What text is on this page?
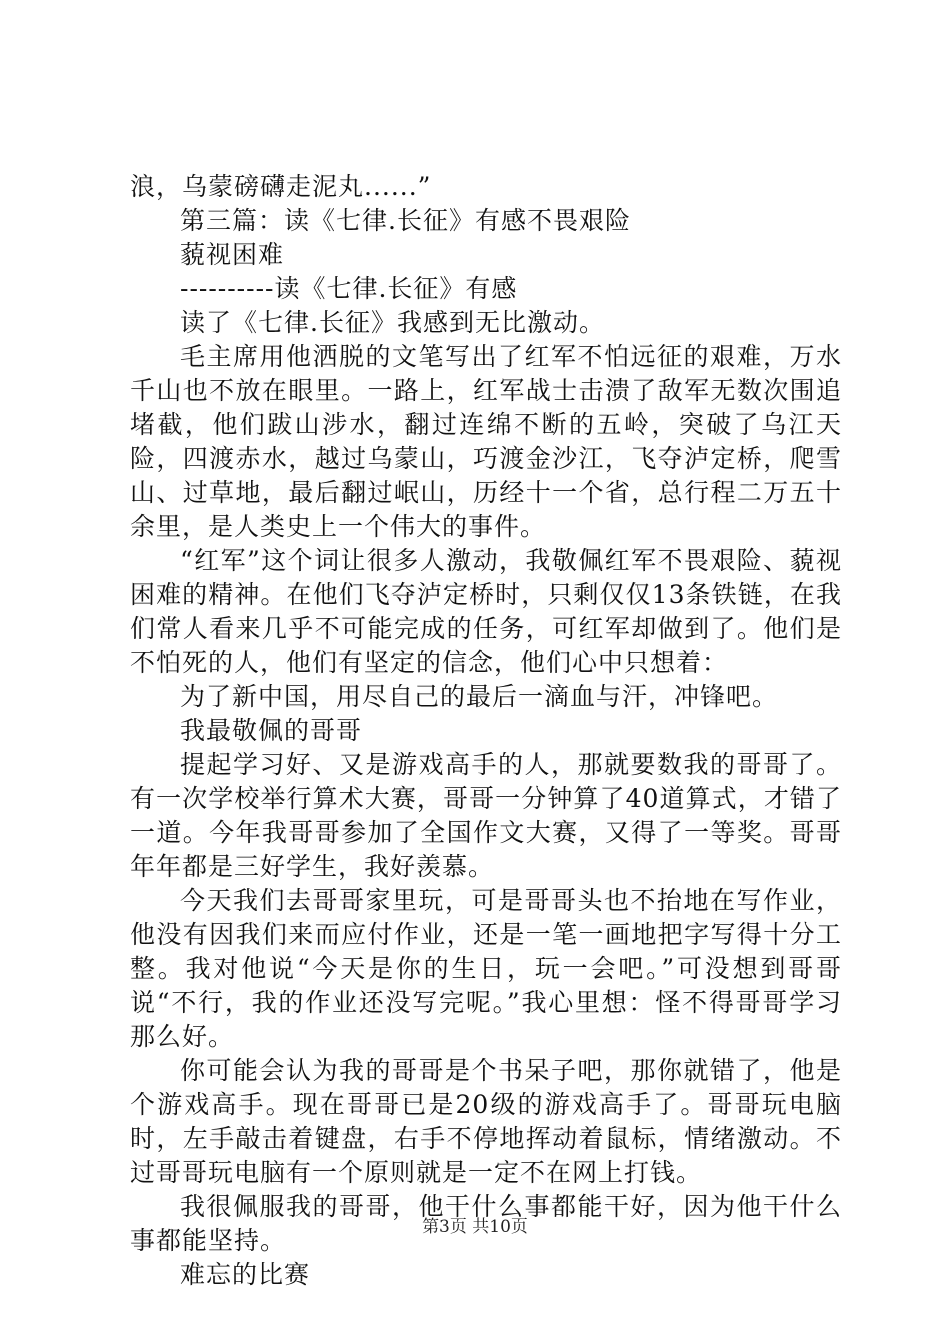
浪，乌蒙磅礴走泥丸......”

第三篇：读《七律.长征》有感不畏艰险

藐视困难

----------读《七律.长征》有感

读了《七律.长征》我感到无比激动。

毛主席用他洒脱的文笔写出了红军不怕远征的艰难，万水千山也不放在眼里。一路上，红军战士击溃了敌军无数次围追堵截，他们跋山涉水，翻过连绵不断的五岭，突破了乌江天险，四渡赤水，越过乌蒙山，巧渡金沙江，飞夺泸定桥，爬雪山、过草地，最后翻过岷山，历经十一个省，总行程二万五十余里，是人类史上一个伟大的事件。

“红军”这个词让很多人激动，我敬佩红军不畏艰险、藐视困难的精神。在他们飞夺泸定桥时，只剩仅仅13条铁链，在我们常人看来几乎不可能完成的任务，可红军却做到了。他们是不怕死的人，他们有坚定的信念，他们心中只想着：

为了新中国，用尽自己的最后一滴血与汗，冲锋吧。

我最敬佩的哥哥

提起学习好、又是游戏高手的人，那就要数我的哥哥了。有一次学校举行算术大赛，哥哥一分钟算了40道算式，才错了一道。今年我哥哥参加了全国作文大赛，又得了一等奖。哥哥年年都是三好学生，我好羡慕。

今天我们去哥哥家里玩，可是哥哥头也不抬地在写作业，他没有因我们来而应付作业，还是一笔一画地把字写得十分工整。我对他说“今天是你的生日，玩一会吧。”可没想到哥哥说“不行，我的作业还没写完呢。”我心里想：怪不得哥哥学习那么好。

你可能会认为我的哥哥是个书呆子吧，那你就错了，他是个游戏高手。现在哥哥已是20级的游戏高手了。哥哥玩电脑时，左手敲击着键盘，右手不停地挥动着鼠标，情绪激动。不过哥哥玩电脑有一个原则就是一定不在网上打钱。

我很佩服我的哥哥，他干什么事都能干好，因为他干什么事都能坚持。

难忘的比赛

第3页 共10页
